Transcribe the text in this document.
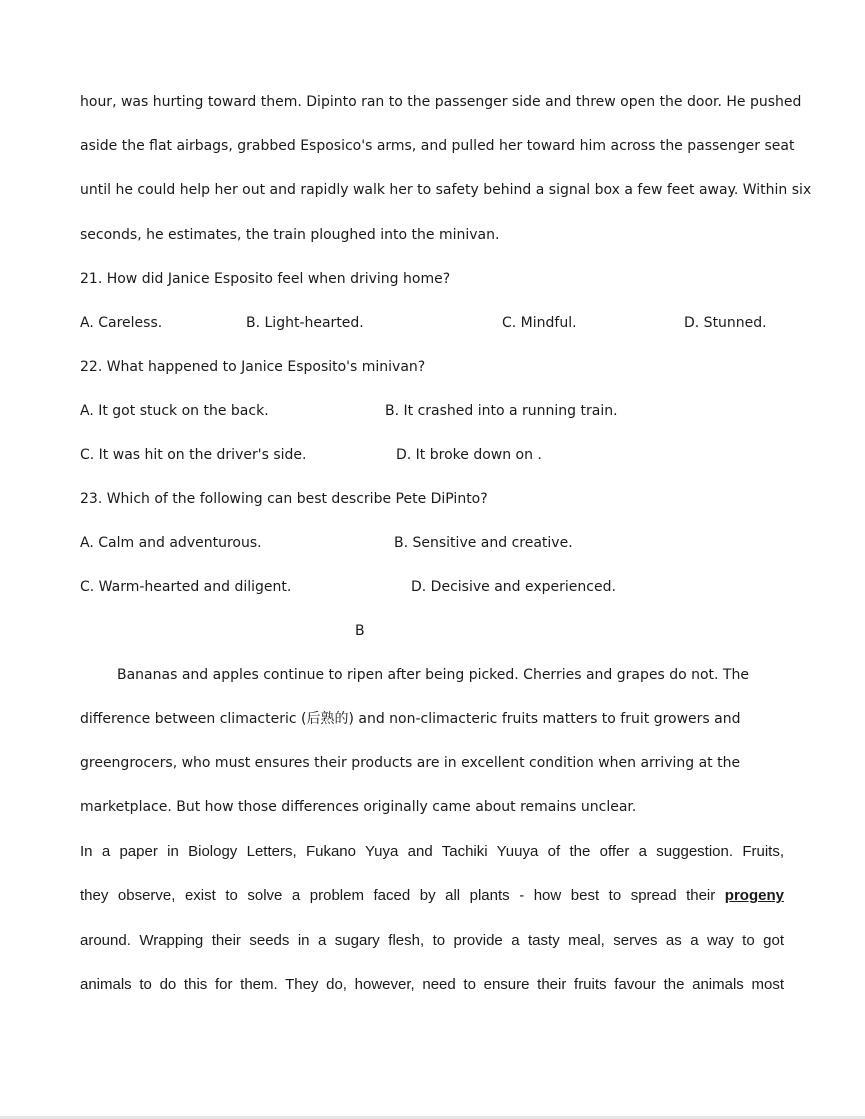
hour, was hurting toward them. Dipinto ran to the passenger side and threw open the door. He pushed
aside the flat airbags, grabbed Esposico's arms, and pulled her toward him across the passenger seat
until he could help her out and rapidly walk her to safety behind a signal box a few feet away. Within six
seconds, he estimates, the train ploughed into the minivan.
21. How did Janice Esposito feel when driving home?
A. Careless.	B. Light-hearted.	C. Mindful.	D. Stunned.
22. What happened to Janice Esposito's minivan?
A. It got stuck on the back.	B. It crashed into a running train.
C. It was hit on the driver's side.	D. It broke down on .
23. Which of the following can best describe Pete DiPinto?
A. Calm and adventurous.	B. Sensitive and creative.
C. Warm-hearted and diligent.	D. Decisive and experienced.
B
Bananas and apples continue to ripen after being picked. Cherries and grapes do not. The
difference between climacteric (后熟的) and non-climacteric fruits matters to fruit growers and
greengrocers, who must ensures their products are in excellent condition when arriving at the
marketplace. But how those differences originally came about remains unclear.
In a paper in Biology Letters, Fukano Yuya and Tachiki Yuuya of the offer a suggestion. Fruits,
they observe, exist to solve a problem faced by all plants - how best to spread their progeny
around. Wrapping their seeds in a sugary flesh, to provide a tasty meal, serves as a way to got
animals to do this for them. They do, however, need to ensure their fruits favour the animals most
